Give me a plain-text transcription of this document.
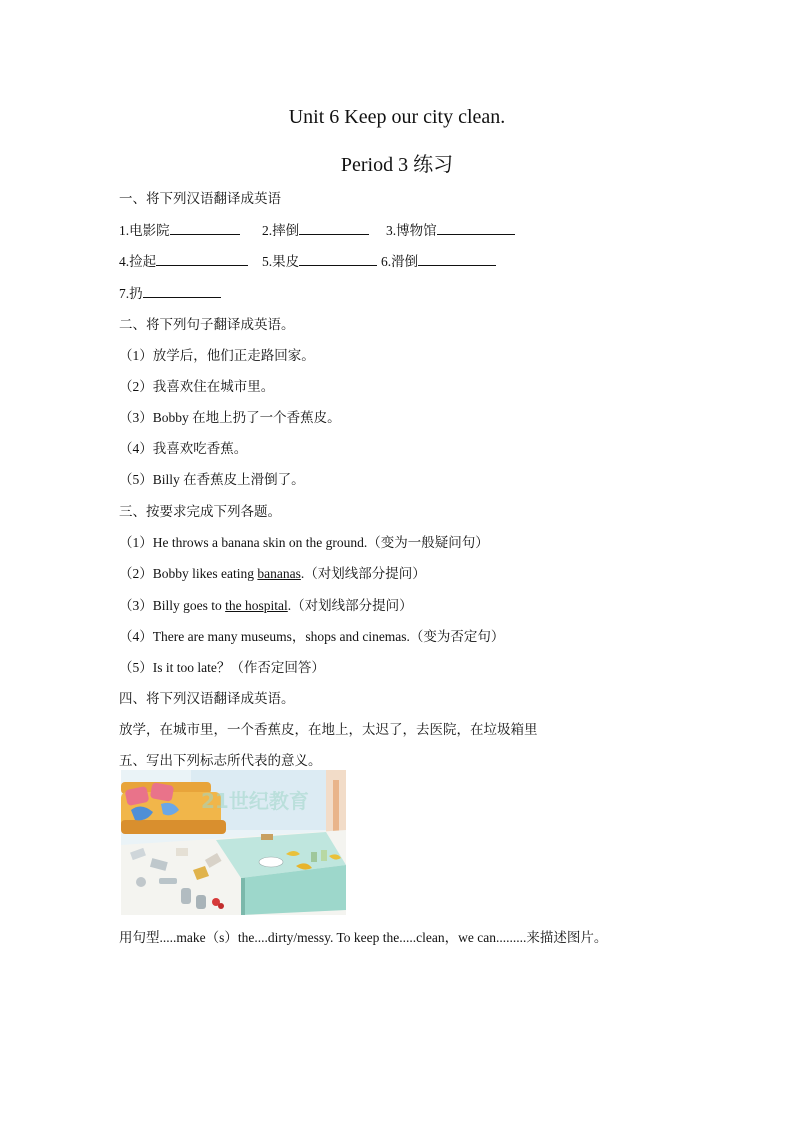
Unit 6 Keep our city clean.
Period 3 练习
一、将下列汉语翻译成英语
1.电影院	2.摔倒	3.博物馆
4.捡起	5.果皮	6.滑倒
7.扔
二、将下列句子翻译成英语。
（1）放学后，他们正走路回家。
（2）我喜欢住在城市里。
（3）Bobby 在地上扔了一个香蕉皮。
（4）我喜欢吃香蕉。
（5）Billy 在香蕉皮上滑倒了。
三、按要求完成下列各题。
（1）He throws a banana skin on the ground.（变为一般疑问句）
（2）Bobby likes eating bananas.（对划线部分提问）
（3）Billy goes to the hospital.（对划线部分提问）
（4）There are many museums，shops and cinemas.（变为否定句）
（5）Is it too late？（作否定回答）
四、将下列汉语翻译成英语。
放学，在城市里，一个香蕉皮，在地上，太迟了，去医院，在垃圾箱里
五、写出下列标志所代表的意义。
21世纪教育
用句型.....make（s）the....dirty/messy. To keep the.....clean，we can.........来描述图片。
